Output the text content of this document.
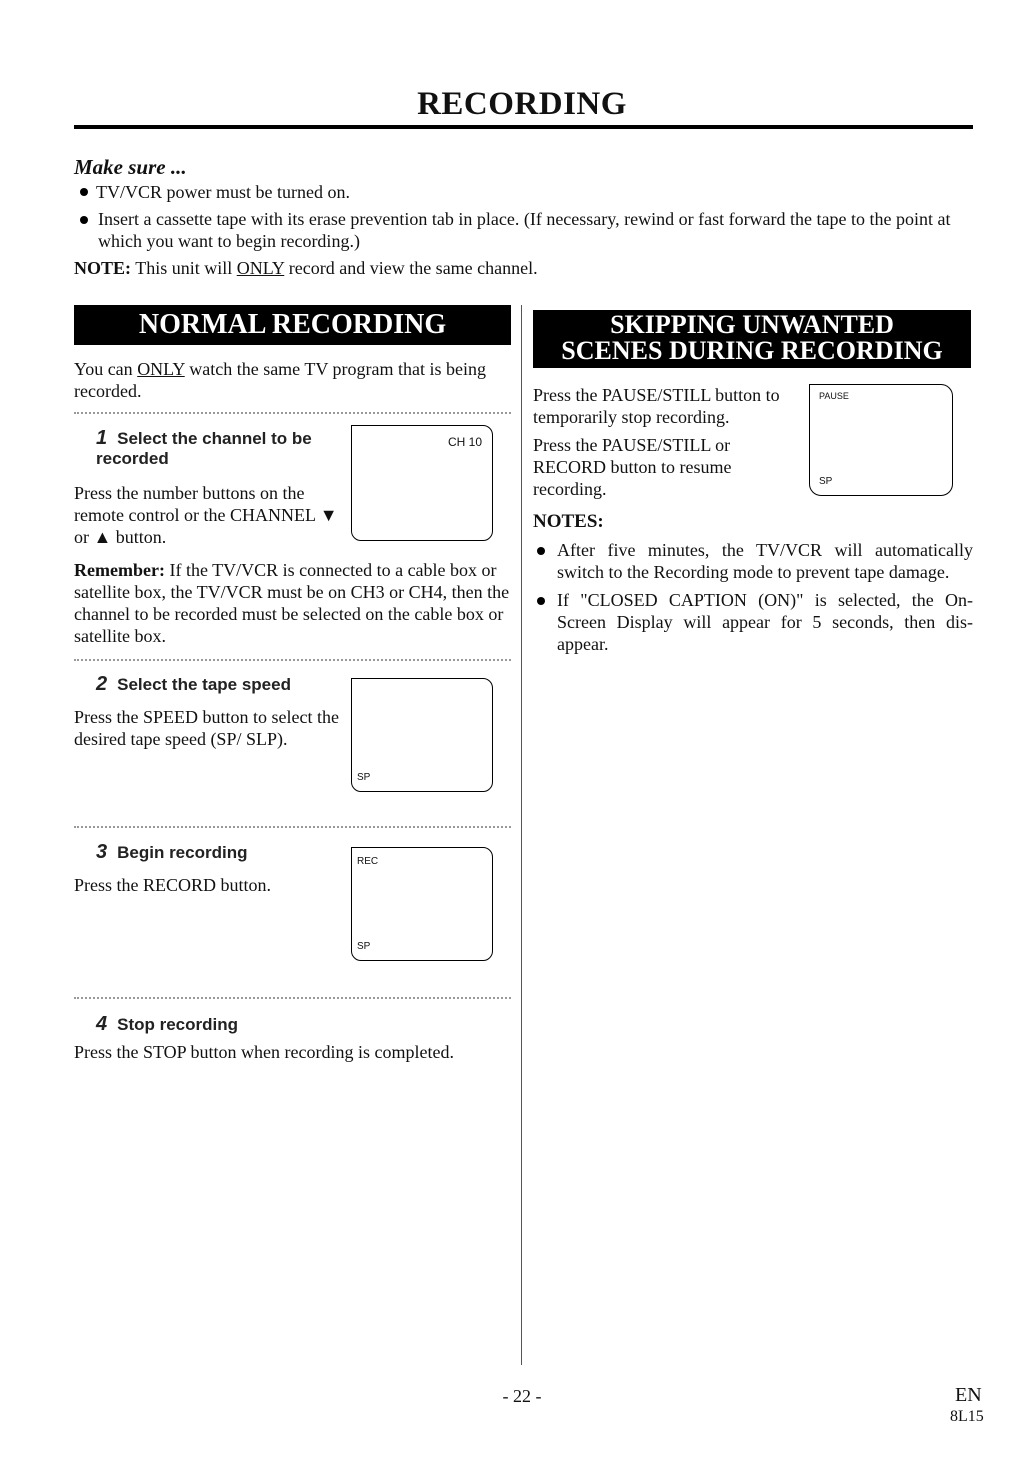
RECORDING
Make sure ...
TV/VCR power must be turned on.
Insert a cassette tape with its erase prevention tab in place. (If necessary, rewind or fast forward the tape to the point at which you want to begin recording.)
NOTE: This unit will ONLY record and view the same channel.
NORMAL RECORDING
You can ONLY watch the same TV program that is being recorded.
1 Select the channel to be recorded
Press the number buttons on the remote control or the CHANNEL ▼ or ▲ button.
CH 10
Remember: If the TV/VCR is connected to a cable box or satellite box, the TV/VCR must be on CH3 or CH4, then the channel to be recorded must be selected on the cable box or satellite box.
2 Select the tape speed
Press the SPEED button to select the desired tape speed (SP/ SLP).
SP
3 Begin recording
Press the RECORD button.
REC
SP
4 Stop recording
Press the STOP button when recording is completed.
SKIPPING UNWANTED
SCENES DURING RECORDING
Press the PAUSE/STILL button to temporarily stop recording.
Press the PAUSE/STILL or RECORD button to resume recording.
PAUSE
SP
NOTES:
After five minutes, the TV/VCR will automatically switch to the Recording mode to prevent tape damage.
If "CLOSED CAPTION (ON)" is selected, the On-Screen Display will appear for 5 seconds, then dis-appear.
- 22 -	EN
8L15
